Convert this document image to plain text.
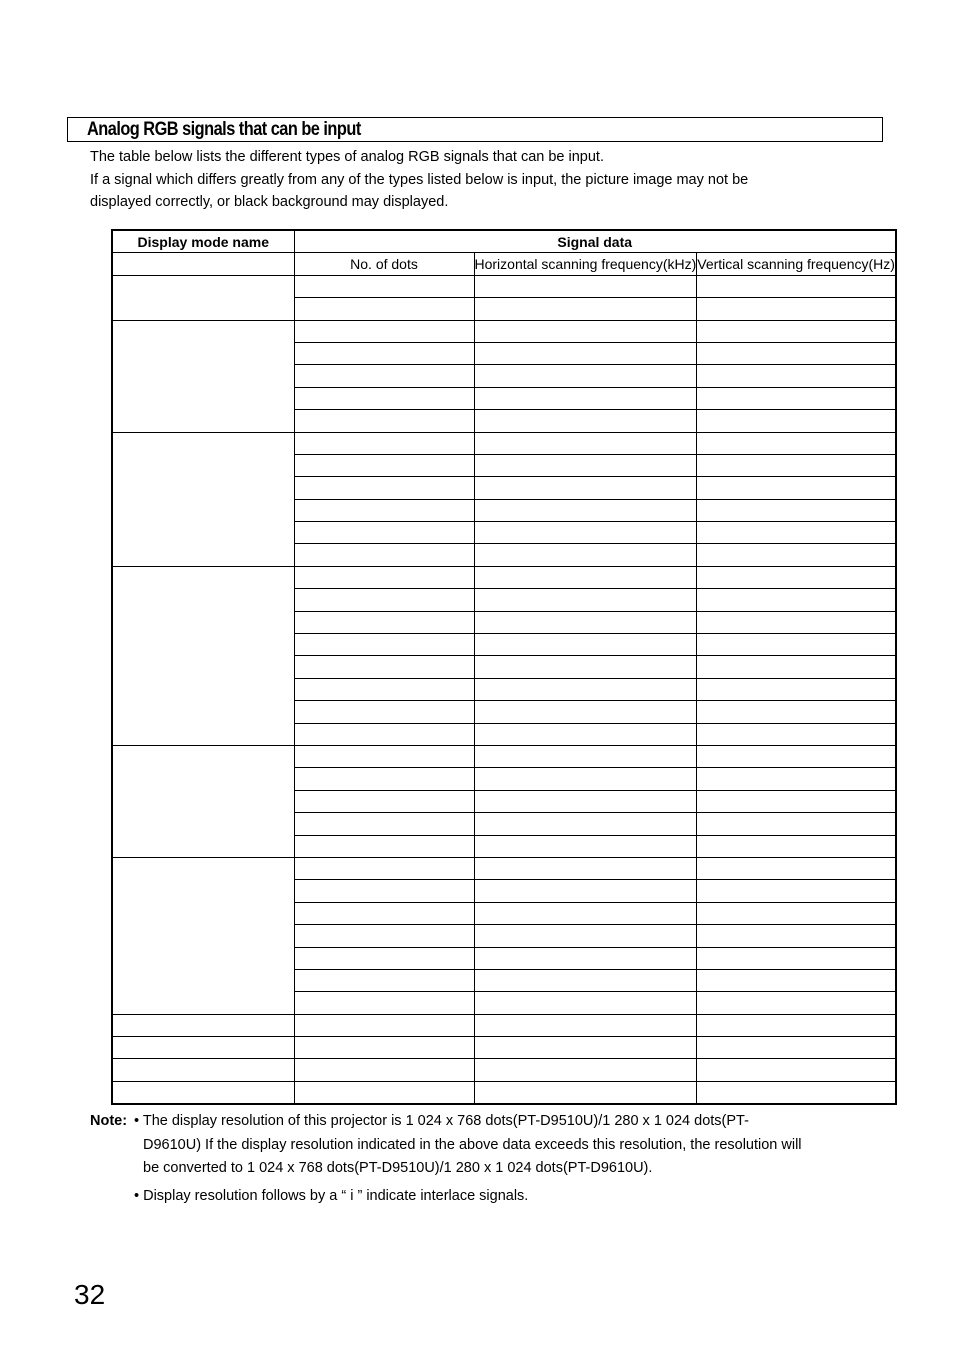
Analog RGB signals that can be input

The table below lists the different types of analog RGB signals that can be input.

If a signal which differs greatly from any of the types listed below is input, the picture image may not be

displayed correctly, or black background may displayed.

Display mode name	Signal data		
	No. of dots	Horizontal scanning frequency(kHz)	Vertical scanning frequency(Hz)

Note: • The display resolution of this projector is 1 024 x 768 dots(PT-D9510U)/1 280 x 1 024 dots(PT-
D9610U) If the display resolution indicated in the above data exceeds this resolution, the resolution will
be converted to 1 024 x 768 dots(PT-D9510U)/1 280 x 1 024 dots(PT-D9610U).
• Display resolution follows by a “ i ” indicate interlace signals.
32
